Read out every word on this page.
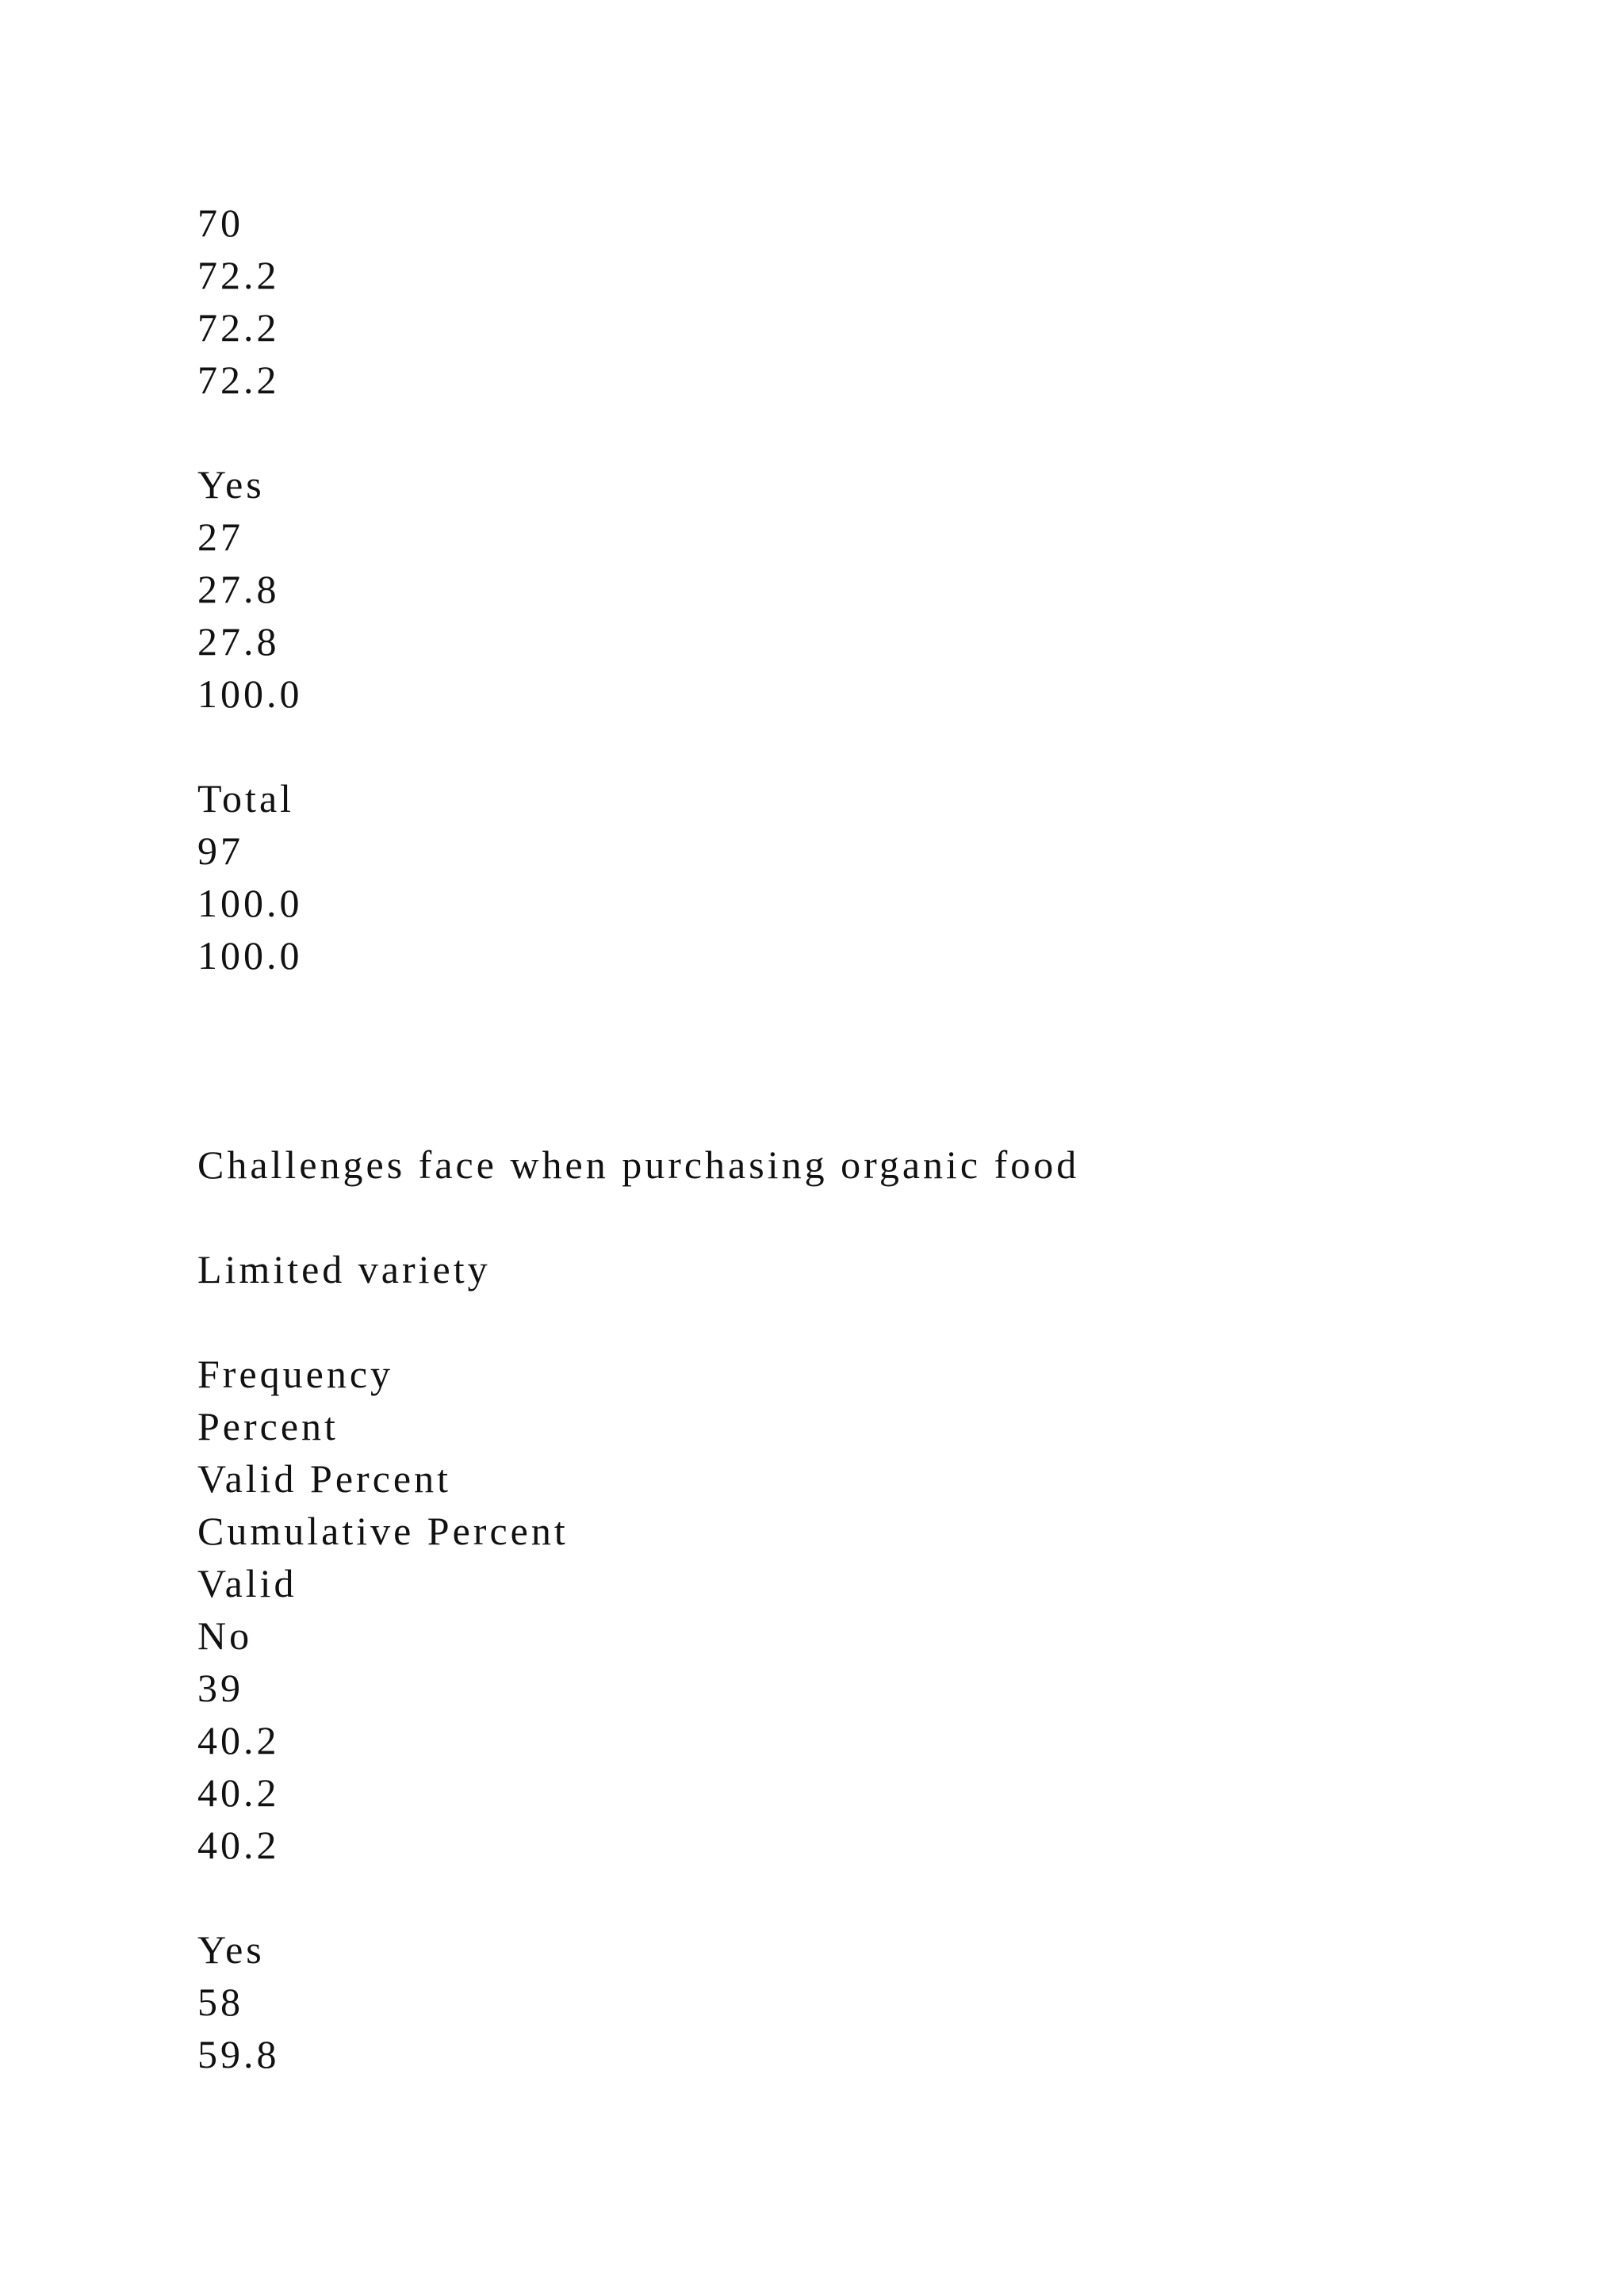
70
72.2
72.2
72.2
Yes
27
27.8
27.8
100.0
Total
97
100.0
100.0
Challenges face when purchasing organic food
Limited variety
Frequency
Percent
Valid Percent
Cumulative Percent
Valid
No
39
40.2
40.2
40.2
Yes
58
59.8
